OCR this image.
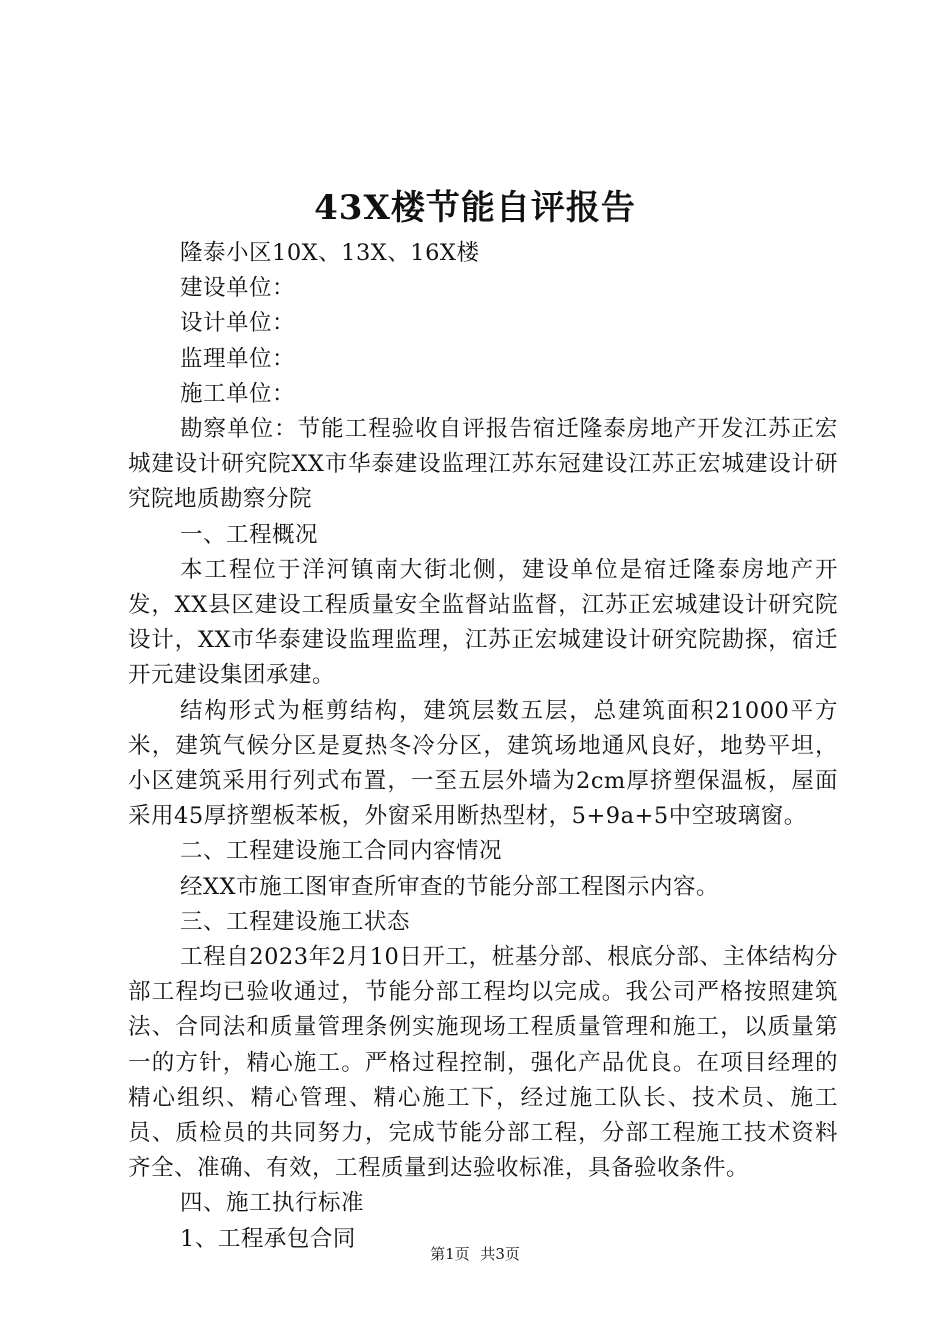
43X楼节能自评报告

隆泰小区10X、13X、16X楼

建设单位：

设计单位：

监理单位：

施工单位：

勘察单位：节能工程验收自评报告宿迁隆泰房地产开发江苏正宏城建设计研究院XX市华泰建设监理江苏东冠建设江苏正宏城建设计研究院地质勘察分院

一、工程概况

本工程位于洋河镇南大街北侧，建设单位是宿迁隆泰房地产开发，XX县区建设工程质量安全监督站监督，江苏正宏城建设计研究院设计，XX市华泰建设监理监理，江苏正宏城建设计研究院勘探，宿迁开元建设集团承建。

结构形式为框剪结构，建筑层数五层，总建筑面积21000平方米，建筑气候分区是夏热冬冷分区，建筑场地通风良好，地势平坦，小区建筑采用行列式布置，一至五层外墙为2cm厚挤塑保温板，屋面采用45厚挤塑板苯板，外窗采用断热型材，5+9a+5中空玻璃窗。

二、工程建设施工合同内容情况

经XX市施工图审查所审查的节能分部工程图示内容。

三、工程建设施工状态

工程自2023年2月10日开工，桩基分部、根底分部、主体结构分部工程均已验收通过，节能分部工程均以完成。我公司严格按照建筑法、合同法和质量管理条例实施现场工程质量管理和施工，以质量第一的方针，精心施工。严格过程控制，强化产品优良。在项目经理的精心组织、精心管理、精心施工下，经过施工队长、技术员、施工员、质检员的共同努力，完成节能分部工程，分部工程施工技术资料齐全、准确、有效，工程质量到达验收标准，具备验收条件。

四、施工执行标准

1、工程承包合同

第1页 共3页
